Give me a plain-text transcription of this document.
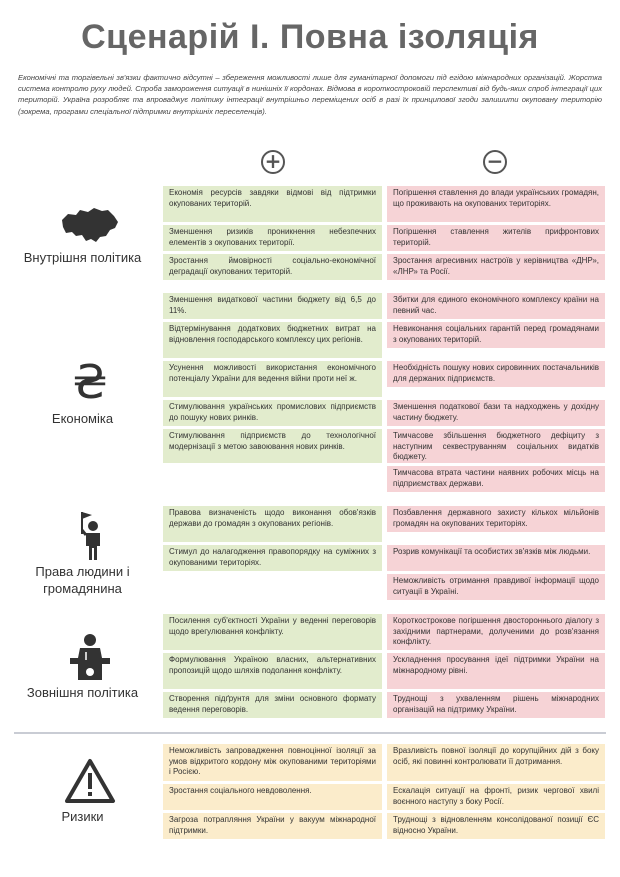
Сценарій І. Повна ізоляція
Економічні та торгівельні зв'язки фактично відсутні – збереження можливості лише для гуманітарної допомоги під егідою міжнародних організацій. Жорстка система контролю руху людей. Спроба замороження ситуації в нинішніх її кордонах. Відмова в короткостроковій перспективі від будь-яких спроб інтеграції цих територій. Україна розробляє та впроваджує політику інтеграції внутрішньо переміщених осіб в разі їх принципової згоди залишити окуповану територію (зокрема, програми спеціальної підтримки внутрішніх переселенців).
+	−
Внутрішня політика
Економія ресурсів завдяки відмові від підтримки окупованих територій.
Зменшення ризиків проникнення небезпечних елементів з окупованих території.
Зростання ймовірності соціально-економічної деградації окупованих територій.
Погіршення ставлення до влади українських громадян, що проживають на окупованих територіях.
Погіршення ставлення жителів прифронтових територій.
Зростання агресивних настроїв у керівництва «ДНР», «ЛНР» та Росії.
₴
Економіка
Зменшення видаткової частини бюджету від 6,5 до 11%.
Відтермінування додаткових бюджетних витрат на відновлення господарського комплексу цих регіонів.
Усунення можливості використання економічного потенціалу України для ведення війни проти неї ж.
Стимулювання українських промислових підприємств до пошуку нових ринків.
Стимулювання підприємств до технологічної модернізації з метою завоювання нових ринків.
Збитки для єдиного економічного комплексу країни на певний час.
Невиконання соціальних гарантій перед громадянами з окупованих територій.
Необхідність пошуку нових сировинних постачальників для держаних підприємств.
Зменшення податкової бази та надходжень у дохідну частину бюджету.
Тимчасове збільшення бюджетного дефіциту з наступним секвеструванням соціальних видатків бюджету.
Тимчасова втрата частини наявних робочих місць на підприємствах держави.
Права людини і
громадянина
Правова визначеність щодо виконання обов'язків держави до громадян з окупованих регіонів.
Стимул до налагодження правопорядку на суміжних з окупованими територіях.
Позбавлення державного захисту кількох мільйонів громадян на окупованих територіях.
Розрив комунікації та особистих зв'язків між людьми.
Неможливість отримання правдивої інформації щодо ситуації в Україні.
Зовнішня політика
Посилення суб'єктності України у веденні переговорів щодо врегулювання конфлікту.
Формулювання Україною власних, альтернативних пропозицій щодо шляхів подолання конфлікту.
Створення підґрунтя для зміни основного формату ведення переговорів.
Короткострокове погіршення двостороннього діалогу з західними партнерами, долученими до розв'язання конфлікту.
Ускладнення просування ідеї підтримки України на міжнародному рівні.
Труднощі з ухваленням рішень міжнародних організацій на підтримку України.
Ризики
Неможливість запровадження повноцінної ізоляції за умов відкритого кордону між окупованими територіями і Росією.
Зростання соціального невдоволення.
Загроза потрапляння України у вакуум міжнародної підтримки.
Вразливість повної ізоляції до корупційних дій з боку осіб, які повинні контролювати її дотримання.
Ескалація ситуації на фронті, ризик чергової хвилі воєнного наступу з боку Росії.
Труднощі з відновленням консолідованої позиції ЄС відносно України.
